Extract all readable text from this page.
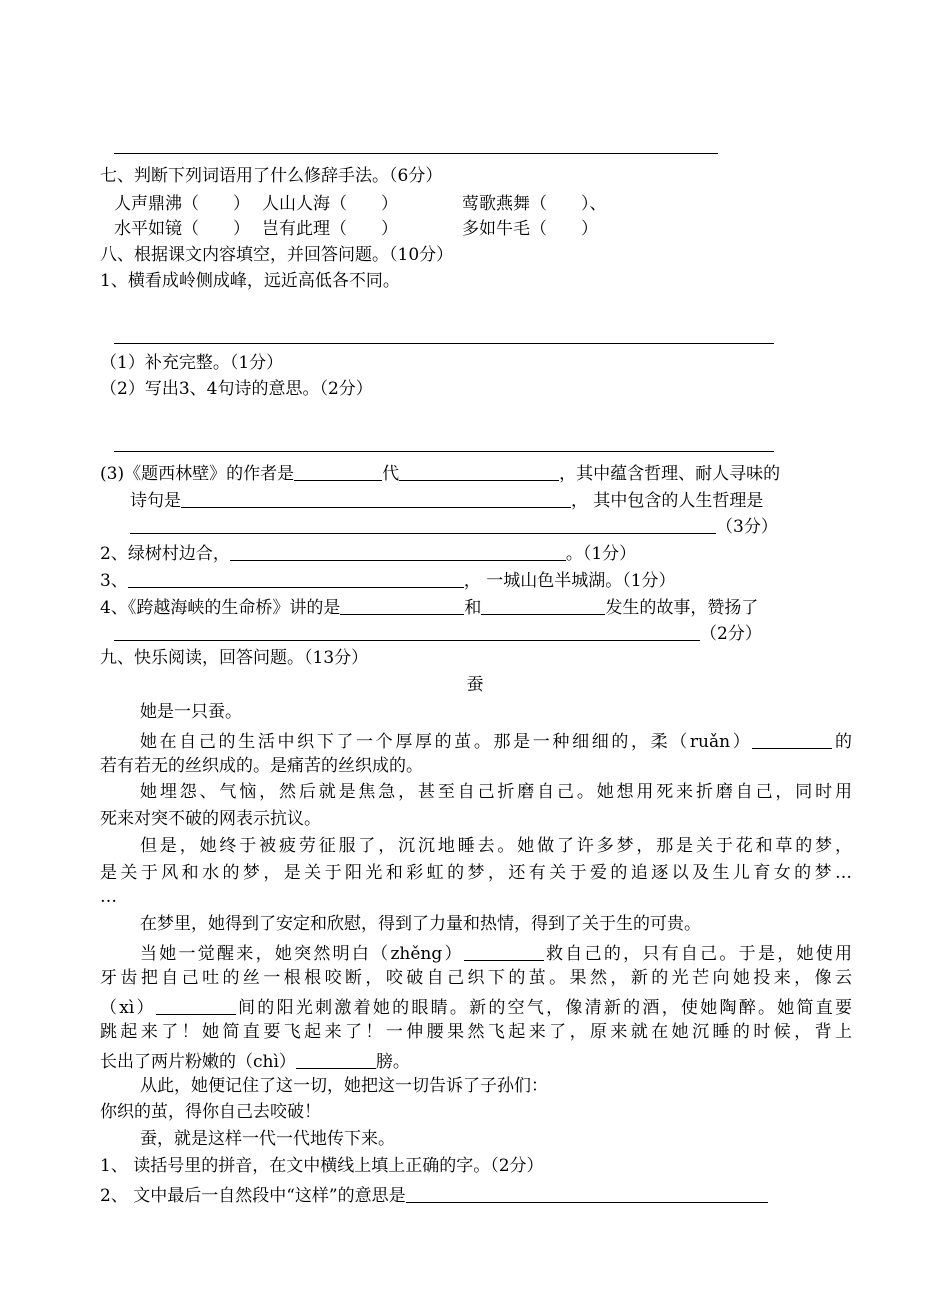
七、判断下列词语用了什么修辞手法。（6分）
人声鼎沸（　　） 人山人海（　　）	莺歌燕舞（　　）、
水平如镜（　　） 岂有此理（　　）	多如牛毛（　　）
八、根据课文内容填空，并回答问题。（10分）
1、横看成岭侧成峰，远近高低各不同。
（1）补充完整。（1分）
（2）写出3、4句诗的意思。（2分）
(3)《题西林壁》的作者是	代	，其中蕴含哲理、耐人寻味的
诗句是	， 其中包含的人生哲理是
（3分）
2、绿树村边合，	。（1分）
3、	， 一城山色半城湖。（1分）
4、《跨越海峡的生命桥》讲的是	和	发生的故事，赞扬了
（2分）
九、快乐阅读，回答问题。（13分）
蚕
她是一只蚕。
她在自己的生活中织下了一个厚厚的茧。那是一种细细的，柔（ruǎn）	的
若有若无的丝织成的。是痛苦的丝织成的。
她埋怨、气恼，然后就是焦急，甚至自己折磨自己。她想用死来折磨自己，同时用
死来对突不破的网表示抗议。
但是，她终于被疲劳征服了，沉沉地睡去。她做了许多梦，那是关于花和草的梦，
是关于风和水的梦，是关于阳光和彩虹的梦，还有关于爱的追逐以及生儿育女的梦…
…
在梦里，她得到了安定和欣慰，得到了力量和热情，得到了关于生的可贵。
当她一觉醒来，她突然明白（zhěng）	救自己的，只有自己。于是，她使用
牙齿把自己吐的丝一根根咬断，咬破自己织下的茧。果然，新的光芒向她投来，像云
（xì）	间的阳光刺激着她的眼睛。新的空气，像清新的酒，使她陶醉。她简直要
跳起来了！她简直要飞起来了！一伸腰果然飞起来了，原来就在她沉睡的时候，背上
长出了两片粉嫩的（chì）	膀。
从此，她便记住了这一切，她把这一切告诉了子孙们：
你织的茧，得你自己去咬破！
蚕，就是这样一代一代地传下来。
1、 读括号里的拼音，在文中横线上填上正确的字。（2分）
2、 文中最后一自然段中“这样”的意思是
